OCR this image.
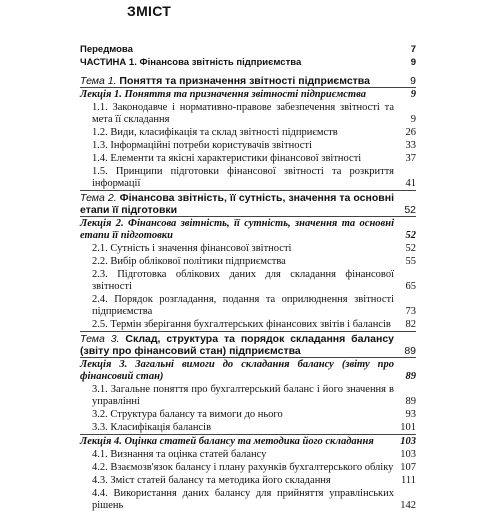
ЗМІСТ
Передмова	7
ЧАСТИНА 1. Фінансова звітність підприємства	9
Тема 1. Поняття та призначення звітності підприємства	9
Лекція 1. Поняття та призначення звітності підприємства	9
1.1. Законодавче і нормативно-правове забезпечення звітності та мета її складання	9
1.2. Види, класифікація та склад звітності підприємств	26
1.3. Інформаційні потреби користувачів звітності	33
1.4. Елементи та якісні характеристики фінансової звітності	37
1.5. Принципи підготовки фінансової звітності та розкриття інформації	41
Тема 2. Фінансова звітність, її сутність, значення та основні етапи її підготовки	52
Лекція 2. Фінансова звітність, її сутність, значення та основні етапи її підготовки	52
2.1. Сутність і значення фінансової звітності	52
2.2. Вибір облікової політики підприємства	55
2.3. Підготовка облікових даних для складання фінансової звітності	65
2.4. Порядок розгладання, подання та оприлюднення звітності підприємства	73
2.5. Термін зберігання бухгалтерських фінансових звітів і балансів	82
Тема 3. Склад, структура та порядок складання балансу (звіту про фінансовий стан) підприємства	89
Лекція 3. Загальні вимоги до складання балансу (звіту про фінансовий стан)	89
3.1. Загальне поняття про бухгалтерський баланс і його значення в управлінні	89
3.2. Структура балансу та вимоги до нього	93
3.3. Класифікація балансів	101
Лекція 4. Оцінка статей балансу та методика його складання	103
4.1. Визнання та оцінка статей балансу	103
4.2. Взаємозв'язок балансу і плану рахунків бухгалтерського обліку 107
4.3. Зміст статей балансу та методика його складання	111
4.4. Використання даних балансу для прийняття управлінських рішень	142
